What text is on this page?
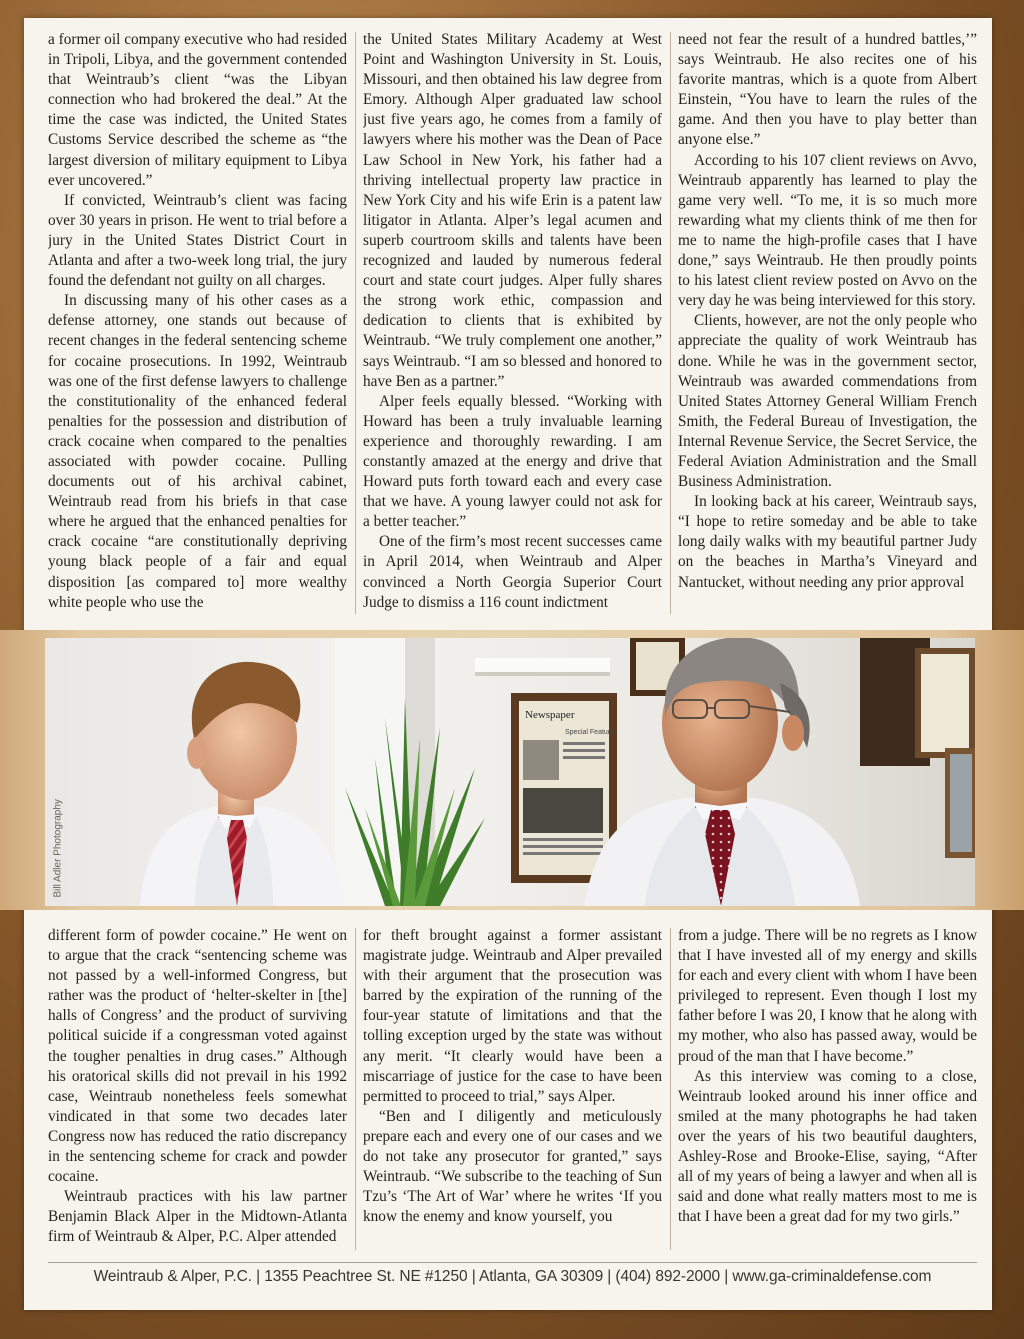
a former oil company executive who had resided in Tripoli, Libya, and the government contended that Weintraub’s client “was the Libyan connection who had brokered the deal.” At the time the case was indicted, the United States Customs Service described the scheme as “the largest diversion of military equipment to Libya ever uncovered.”

If convicted, Weintraub’s client was facing over 30 years in prison. He went to trial before a jury in the United States District Court in Atlanta and after a two-week long trial, the jury found the defendant not guilty on all charges.

In discussing many of his other cases as a defense attorney, one stands out because of recent changes in the federal sentencing scheme for cocaine prosecutions. In 1992, Weintraub was one of the first defense lawyers to challenge the constitutionality of the enhanced federal penalties for the possession and distribution of crack cocaine when compared to the penalties associated with powder cocaine. Pulling documents out of his archival cabinet, Weintraub read from his briefs in that case where he argued that the enhanced penalties for crack cocaine “are constitutionally depriving young black people of a fair and equal disposition [as compared to] more wealthy white people who use the

the United States Military Academy at West Point and Washington University in St. Louis, Missouri, and then obtained his law degree from Emory. Although Alper graduated law school just five years ago, he comes from a family of lawyers where his mother was the Dean of Pace Law School in New York, his father had a thriving intellectual property law practice in New York City and his wife Erin is a patent law litigator in Atlanta. Alper’s legal acumen and superb courtroom skills and talents have been recognized and lauded by numerous federal court and state court judges. Alper fully shares the strong work ethic, compassion and dedication to clients that is exhibited by Weintraub. “We truly complement one another,” says Weintraub. “I am so blessed and honored to have Ben as a partner.”

Alper feels equally blessed. “Working with Howard has been a truly invaluable learning experience and thoroughly rewarding. I am constantly amazed at the energy and drive that Howard puts forth toward each and every case that we have. A young lawyer could not ask for a better teacher.”

One of the firm’s most recent successes came in April 2014, when Weintraub and Alper convinced a North Georgia Superior Court Judge to dismiss a 116 count indictment

need not fear the result of a hundred battles,’” says Weintraub. He also recites one of his favorite mantras, which is a quote from Albert Einstein, “You have to learn the rules of the game. And then you have to play better than anyone else.”

According to his 107 client reviews on Avvo, Weintraub apparently has learned to play the game very well. “To me, it is so much more rewarding what my clients think of me then for me to name the high-profile cases that I have done,” says Weintraub. He then proudly points to his latest client review posted on Avvo on the very day he was being interviewed for this story.

Clients, however, are not the only people who appreciate the quality of work Weintraub has done. While he was in the government sector, Weintraub was awarded commendations from United States Attorney General William French Smith, the Federal Bureau of Investigation, the Internal Revenue Service, the Secret Service, the Federal Aviation Administration and the Small Business Administration.

In looking back at his career, Weintraub says, “I hope to retire someday and be able to take long daily walks with my beautiful partner Judy on the beaches in Martha’s Vineyard and Nantucket, without needing any prior approval

Newspaper
Special Feature
Bill Adler Photography

different form of powder cocaine.” He went on to argue that the crack “sentencing scheme was not passed by a well-informed Congress, but rather was the product of ‘helter-skelter in [the] halls of Congress’ and the product of surviving political suicide if a congressman voted against the tougher penalties in drug cases.” Although his oratorical skills did not prevail in his 1992 case, Weintraub nonetheless feels somewhat vindicated in that some two decades later Congress now has reduced the ratio discrepancy in the sentencing scheme for crack and powder cocaine.

Weintraub practices with his law partner Benjamin Black Alper in the Midtown-Atlanta firm of Weintraub & Alper, P.C. Alper attended

for theft brought against a former assistant magistrate judge. Weintraub and Alper prevailed with their argument that the prosecution was barred by the expiration of the running of the four-year statute of limitations and that the tolling exception urged by the state was without any merit. “It clearly would have been a miscarriage of justice for the case to have been permitted to proceed to trial,” says Alper.

“Ben and I diligently and meticulously prepare each and every one of our cases and we do not take any prosecutor for granted,” says Weintraub. “We subscribe to the teaching of Sun Tzu’s ‘The Art of War’ where he writes ‘If you know the enemy and know yourself, you

from a judge. There will be no regrets as I know that I have invested all of my energy and skills for each and every client with whom I have been privileged to represent. Even though I lost my father before I was 20, I know that he along with my mother, who also has passed away, would be proud of the man that I have become.”

As this interview was coming to a close, Weintraub looked around his inner office and smiled at the many photographs he had taken over the years of his two beautiful daughters, Ashley-Rose and Brooke-Elise, saying, “After all of my years of being a lawyer and when all is said and done what really matters most to me is that I have been a great dad for my two girls.”

Weintraub & Alper, P.C. | 1355 Peachtree St. NE #1250 | Atlanta, GA 30309 | (404) 892-2000 | www.ga-criminaldefense.com
